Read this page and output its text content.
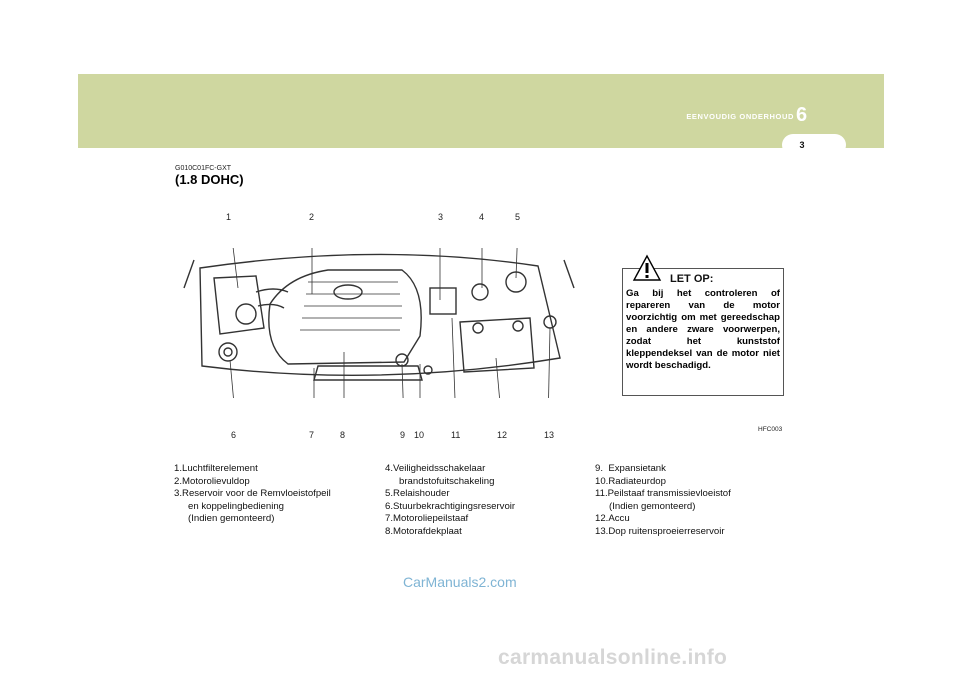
EENVOUDIG ONDERHOUD 6
3
G010C01FC-GXT
(1.8 DOHC)
1	2	3	4	5
6	7	8	9 10	11	12	13
LET OP:
Ga bij het controleren of repareren van de motor voorzichtig om met gereedschap en andere zware voorwerpen, zodat het kunststof kleppendeksel van de motor niet wordt beschadigd.
HFC003
1. Luchtfilterelement
2. Motorolievuldop
3. Reservoir voor de Remvloeistofpeil
en koppelingbediening
(Indien gemonteerd)
4. Veiligheidsschakelaar
brandstofuitschakeling
5. Relaishouder
6. Stuurbekrachtigingsreservoir
7. Motoroliepeilstaaf
8. Motorafdekplaat
9. Expansietank
10. Radiateurdop
11. Peilstaaf transmissievloeistof
(Indien gemonteerd)
12. Accu
13. Dop ruitensproeierreservoir
CarManuals2.com
carmanualsonline.info
